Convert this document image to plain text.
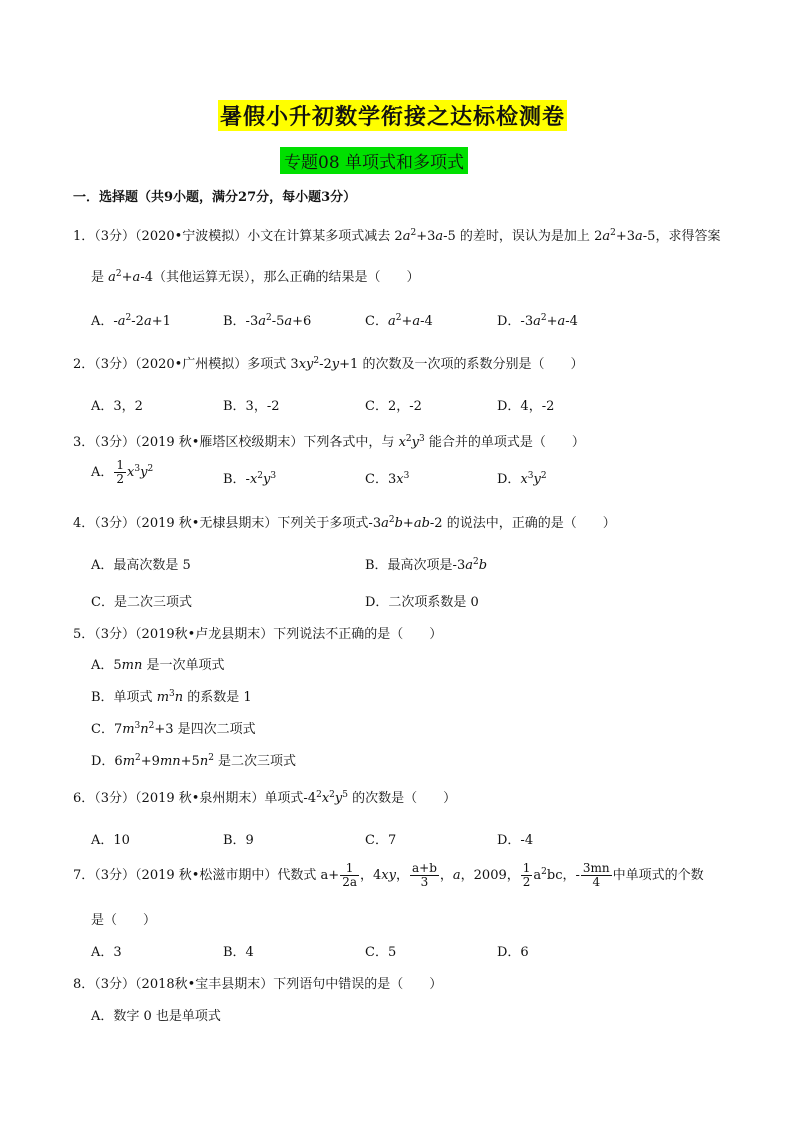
暑假小升初数学衔接之达标检测卷
专题08 单项式和多项式
一．选择题（共9小题，满分27分，每小题3分）
1．（3分）（2020•宁波模拟）小文在计算某多项式减去 $2a^2+3a-5$ 的差时，误认为是加上 $2a^2+3a-5$，求得答案
是 $a^2+a-4$（其他运算无误），那么正确的结果是（　　）
A．$-a^2-2a+1$	B．$-3a^2-5a+6$	C．$a^2+a-4$	D．$-3a^2+a-4$
2．（3分）（2020•广州模拟）多项式 $3xy^2-2y+1$ 的次数及一次项的系数分别是（　　）
A．3，2	B．3，-2	C．2，-2	D．4，-2
3．（3分）（2019 秋•雁塔区校级期末）下列各式中，与 $x^2y^3$ 能合并的单项式是（　　）
A． $\frac{1}{2} x^3y^2$
B．$-x^2y^3$	C．$3x^3$	D．$x^3y^2$
4．（3分）（2019 秋•无棣县期末）下列关于多项式$-3a^2b+ab-2$ 的说法中，正确的是（　　）
A．最高次数是 5	B．最高次项是$-3a^2b$
C．是二次三项式	D．二次项系数是 0
5．（3分）（2019秋•卢龙县期末）下列说法不正确的是（　　）
A．5mn 是一次单项式
B．单项式 $m^3n$ 的系数是 1
C．$7m^3n^2+3$ 是四次二项式
D．$6m^2+9mn+5n^2$ 是二次三项式
6．（3分）（2019 秋•泉州期末）单项式$-4^2x^2y^5$ 的次数是（　　）
A．10	B．9	C．7	D．-4
7．（3分）（2019 秋•松滋市期中）代数式 $a+ \frac{1}{2a}$ ，4xy， $\frac{a+b}{3}$ ，a，2009， $\frac{1}{2} a^2bc$，- $\frac{3mn}{4}$ 中单项式的个数
是（　　）
A．3	B．4	C．5	D．6
8．（3分）（2018秋•宝丰县期末）下列语句中错误的是（　　）
A．数字 0 也是单项式
